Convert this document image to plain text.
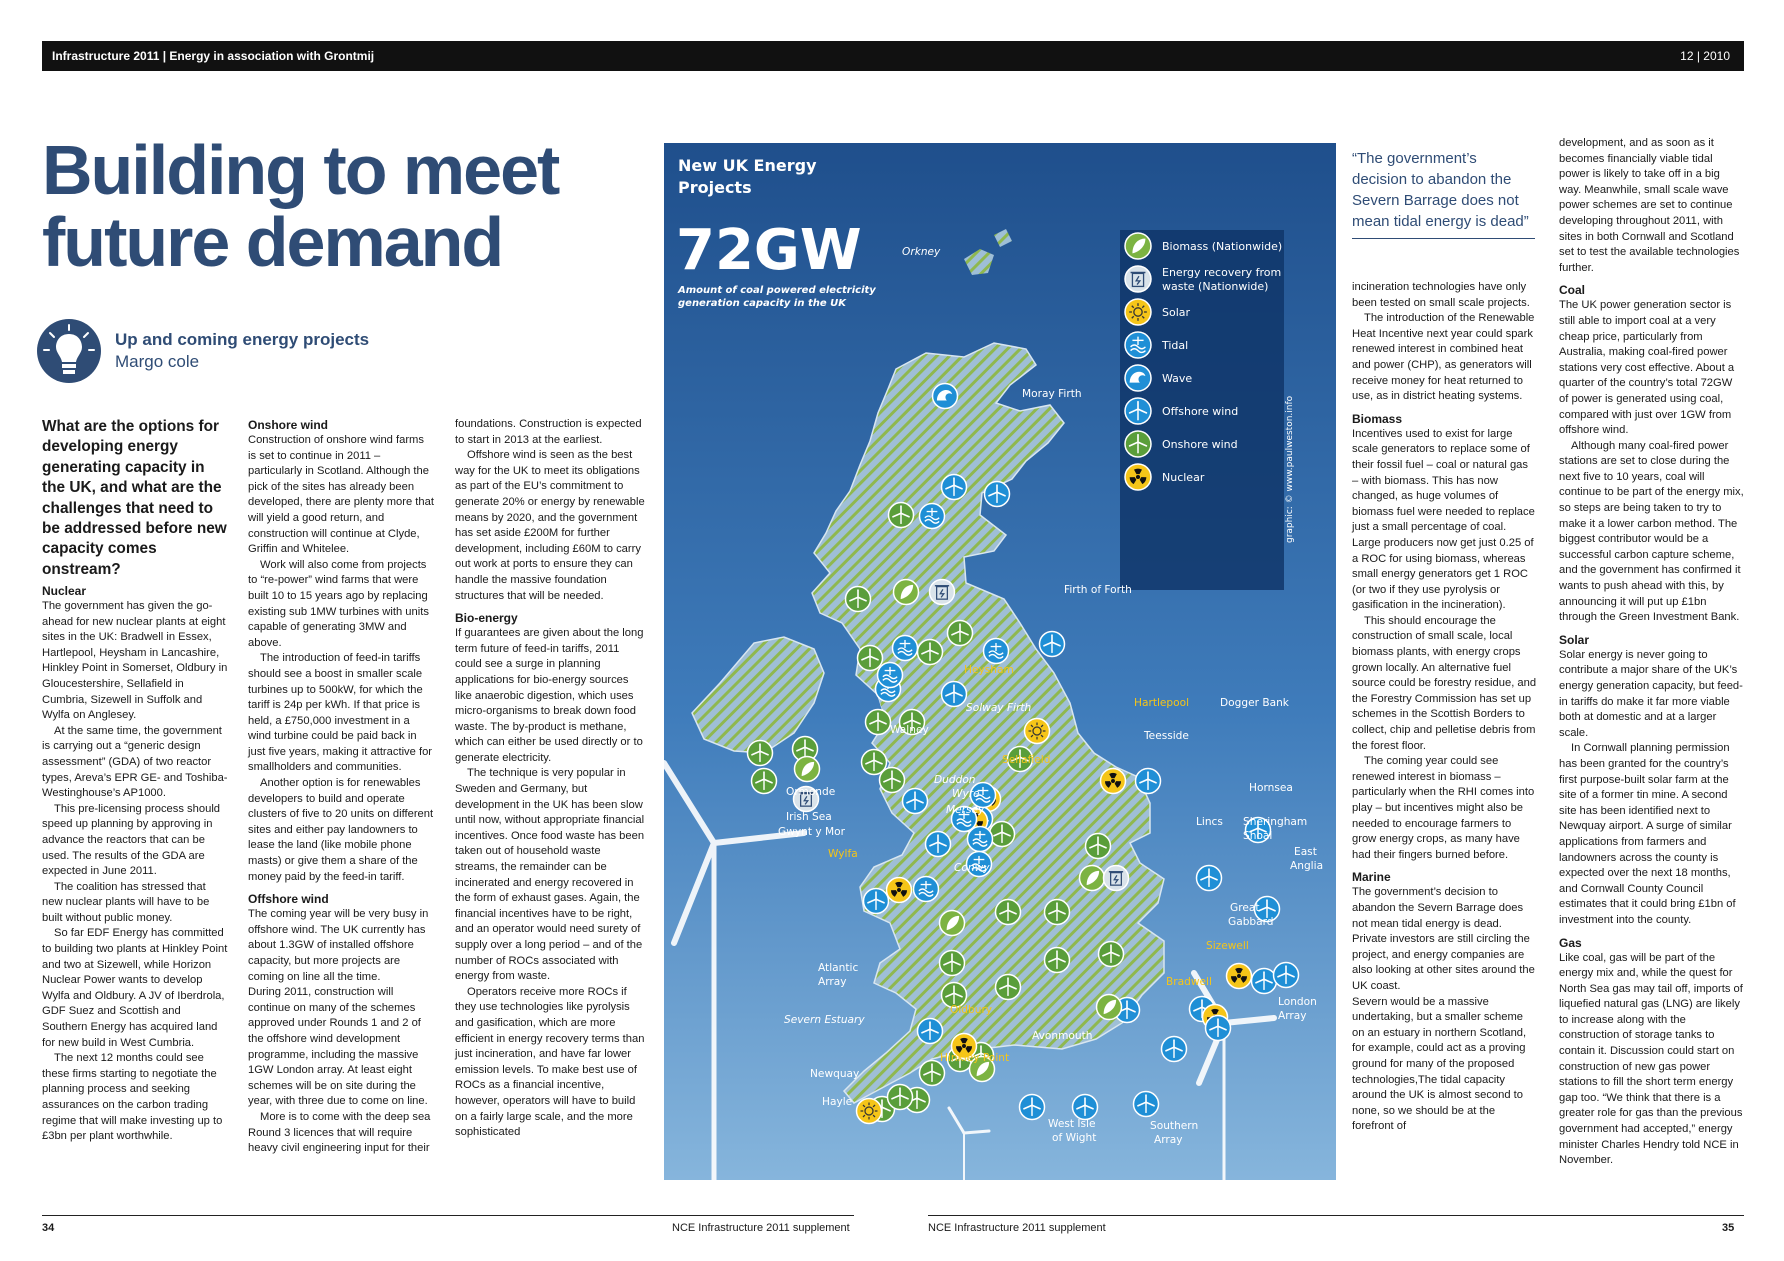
Infrastructure 2011 | Energy in association with Grontmij	12 | 2010
Building to meet
future demand
Up and coming energy projects
Margo cole

What are the options for developing energy generating capacity in the UK, and what are the challenges that need to be addressed before new capacity comes onstream?

Nuclear

The government has given the go-ahead for new nuclear plants at eight sites in the UK: Bradwell in Essex, Hartlepool, Heysham in Lancashire, Hinkley Point in Somerset, Oldbury in Gloucestershire, Sellafield in Cumbria, Sizewell in Suffolk and Wylfa on Anglesey.

At the same time, the government is carrying out a “generic design assessment” (GDA) of two reactor types, Areva’s EPR GE- and Toshiba-Westinghouse’s AP1000.

This pre-licensing process should speed up planning by approving in advance the reactors that can be used. The results of the GDA are expected in June 2011.

The coalition has stressed that new nuclear plants will have to be built without public money.

So far EDF Energy has committed to building two plants at Hinkley Point and two at Sizewell, while Horizon Nuclear Power wants to develop Wylfa and Oldbury. A JV of Iberdrola, GDF Suez and Scottish and Southern Energy has acquired land for new build in West Cumbria.

The next 12 months could see these firms starting to negotiate the planning process and seeking assurances on the carbon trading regime that will make investing up to £3bn per plant worthwhile.

Onshore wind

Construction of onshore wind farms is set to continue in 2011 – particularly in Scotland. Although the pick of the sites has already been developed, there are plenty more that will yield a good return, and construction will continue at Clyde, Griffin and Whitelee.

Work will also come from projects to “re-power” wind farms that were built 10 to 15 years ago by replacing existing sub 1MW turbines with units capable of generating 3MW and above.

The introduction of feed-in tariffs should see a boost in smaller scale turbines up to 500kW, for which the tariff is 24p per kWh. If that price is held, a £750,000 investment in a wind turbine could be paid back in just five years, making it attractive for smallholders and communities.

Another option is for renewables developers to build and operate clusters of five to 20 units on different sites and either pay landowners to lease the land (like mobile phone masts) or give them a share of the money paid by the feed-in tariff.

Offshore wind

The coming year will be very busy in offshore wind. The UK currently has about 1.3GW of installed offshore capacity, but more projects are coming on line all the time.

During 2011, construction will continue on many of the schemes approved under Rounds 1 and 2 of the offshore wind development programme, including the massive 1GW London array. At least eight schemes will be on site during the year, with three due to come on line.

More is to come with the deep sea Round 3 licences that will require heavy civil engineering input for their

foundations. Construction is expected to start in 2013 at the earliest.

Offshore wind is seen as the best way for the UK to meet its obligations as part of the EU’s commitment to generate 20% or energy by renewable means by 2020, and the government has set aside £200M for further development, including £60M to carry out work at ports to ensure they can handle the massive foundation structures that will be needed.

Bio-energy

If guarantees are given about the long term future of feed-in tariffs, 2011 could see a surge in planning applications for bio-energy sources like anaerobic digestion, which uses micro-organisms to break down food waste. The by-product is methane, which can either be used directly or to generate electricity.

The technique is very popular in Sweden and Germany, but development in the UK has been slow until now, without appropriate financial incentives. Once food waste has been taken out of household waste streams, the remainder can be incinerated and energy recovered in the form of exhaust gases. Again, the financial incentives have to be right, and an operator would need surety of supply over a long period – and of the number of ROCs associated with energy from waste.

Operators receive more ROCs if they use technologies like pyrolysis and gasification, which are more efficient in energy recovery terms than just incineration, and have far lower emission levels. To make best use of ROCs as a financial incentive, however, operators will have to build on a fairly large scale, and the more sophisticated

New UK Energy
Projects
72GW
Amount of coal powered electricity
generation capacity in the UK
Biomass (Nationwide)
Energy recovery from
waste (Nationwide)
Solar
Tidal
Wave
Offshore wind
Onshore wind
Nuclear	graphic: © www.paulweston.info
Orkney
Moray Firth
Firth of Forth
Dogger Bank
Teesside
Hornsea
Lincs Sheringham
Shoal
East
Anglia
Great
Gabbard
London
Array
Walney
Solway Firth
Duddon
Wyre
Mersey
Ormonde
Irish Sea
Gwynt y Mor
Conwy
Atlantic
Array
Severn Estuary
Avonmouth
Newquay
Hayle
West Isle
of Wight
Southern
Array
Heysham
Hartlepool
Sellafield
Wylfa
Sizewell
Bradwell
Oldbury
Hinkley Point

“The government’s decision to abandon the Severn Barrage does not mean tidal energy is dead”

incineration technologies have only been tested on small scale projects.

The introduction of the Renewable Heat Incentive next year could spark renewed interest in combined heat and power (CHP), as generators will receive money for heat returned to use, as in district heating systems.

Biomass

Incentives used to exist for large scale generators to replace some of their fossil fuel – coal or natural gas – with biomass. This has now changed, as huge volumes of biomass fuel were needed to replace just a small percentage of coal. Large producers now get just 0.25 of a ROC for using biomass, whereas small energy generators get 1 ROC (or two if they use pyrolysis or gasification in the incineration).

This should encourage the construction of small scale, local biomass plants, with energy crops grown locally. An alternative fuel source could be forestry residue, and the Forestry Commission has set up schemes in the Scottish Borders to collect, chip and pelletise debris from the forest floor.

The coming year could see renewed interest in biomass – particularly when the RHI comes into play – but incentives might also be needed to encourage farmers to grow energy crops, as many have had their fingers burned before.

Marine

The government’s decision to abandon the Severn Barrage does not mean tidal energy is dead. Private investors are still circling the project, and energy companies are also looking at other sites around the UK coast.

Severn would be a massive undertaking, but a smaller scheme on an estuary in northern Scotland, for example, could act as a proving ground for many of the proposed technologies,The tidal capacity around the UK is almost second to none, so we should be at the forefront of

development, and as soon as it becomes financially viable tidal power is likely to take off in a big way. Meanwhile, small scale wave power schemes are set to continue developing throughout 2011, with sites in both Cornwall and Scotland set to test the available technologies further.

Coal

The UK power generation sector is still able to import coal at a very cheap price, particularly from Australia, making coal-fired power stations very cost effective. About a quarter of the country’s total 72GW of power is generated using coal, compared with just over 1GW from offshore wind.

Although many coal-fired power stations are set to close during the next five to 10 years, coal will continue to be part of the energy mix, so steps are being taken to try to make it a lower carbon method. The biggest contributor would be a successful carbon capture scheme, and the government has confirmed it wants to push ahead with this, by announcing it will put up £1bn through the Green Investment Bank.

Solar

Solar energy is never going to contribute a major share of the UK’s energy generation capacity, but feed-in tariffs do make it far more viable both at domestic and at a larger scale.

In Cornwall planning permission has been granted for the country’s first purpose-built solar farm at the site of a former tin mine. A second site has been identified next to Newquay airport. A surge of similar applications from farmers and landowners across the county is expected over the next 18 months, and Cornwall County Council estimates that it could bring £1bn of investment into the county.

Gas

Like coal, gas will be part of the energy mix and, while the quest for North Sea gas may tail off, imports of liquefied natural gas (LNG) are likely to increase along with the construction of storage tanks to contain it. Discussion could start on construction of new gas power stations to fill the short term energy gap too. “We think that there is a greater role for gas than the previous government had accepted,” energy minister Charles Hendry told NCE in November.

34	NCE Infrastructure 2011 supplement	NCE Infrastructure 2011 supplement	35
